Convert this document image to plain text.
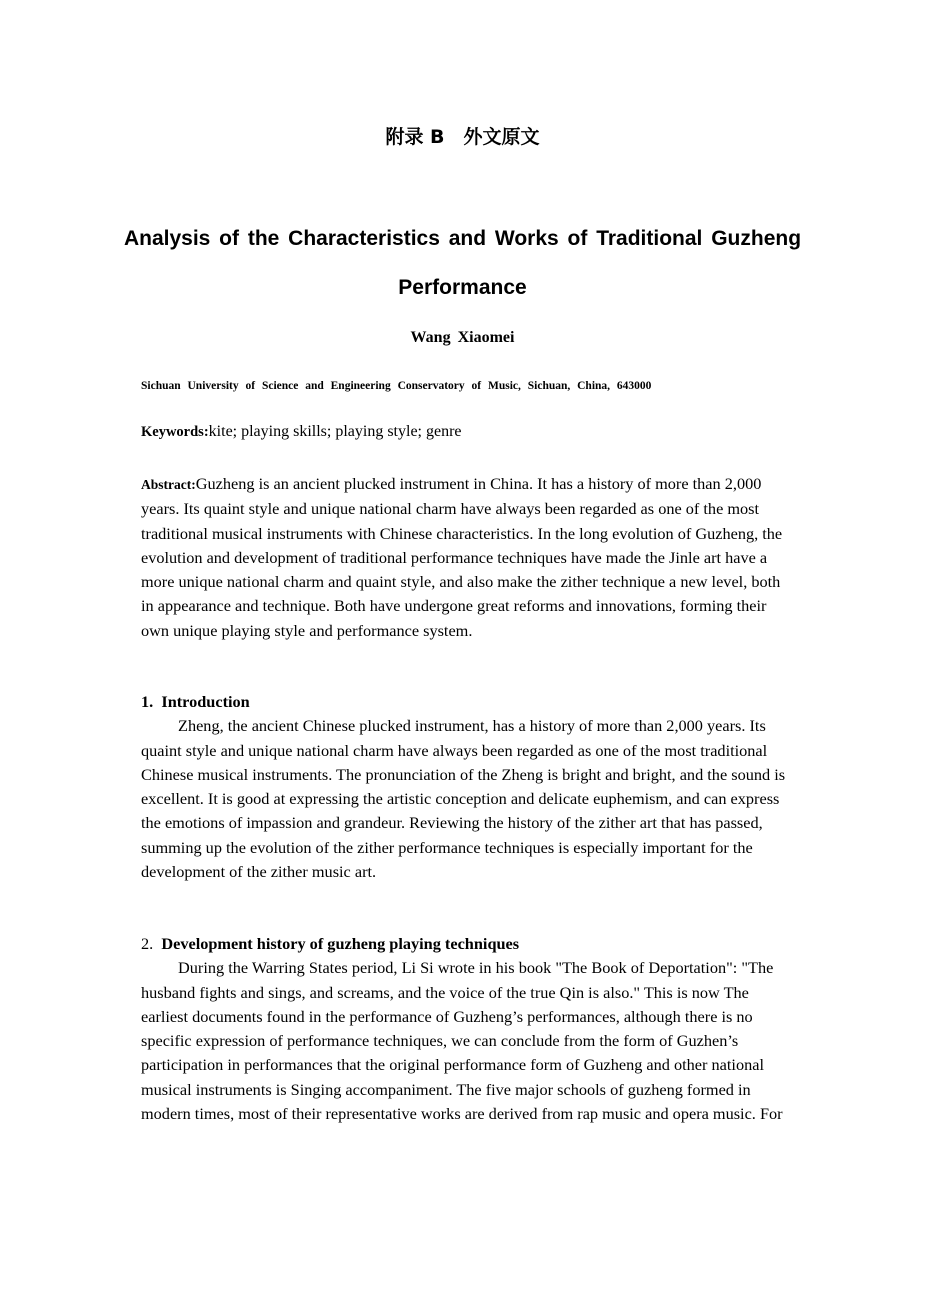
附录 B　外文原文
Analysis of the Characteristics and Works of Traditional Guzheng Performance
Wang Xiaomei
Sichuan University of Science and Engineering Conservatory of Music, Sichuan, China, 643000
Keywords:kite; playing skills; playing style; genre

Abstract:Guzheng is an ancient plucked instrument in China. It has a history of more than 2,000 years. Its quaint style and unique national charm have always been regarded as one of the most traditional musical instruments with Chinese characteristics. In the long evolution of Guzheng, the evolution and development of traditional performance techniques have made the Jinle art have a more unique national charm and quaint style, and also make the zither technique a new level, both in appearance and technique. Both have undergone great reforms and innovations, forming their own unique playing style and performance system.

1. Introduction

Zheng, the ancient Chinese plucked instrument, has a history of more than 2,000 years. Its quaint style and unique national charm have always been regarded as one of the most traditional Chinese musical instruments. The pronunciation of the Zheng is bright and bright, and the sound is excellent. It is good at expressing the artistic conception and delicate euphemism, and can express the emotions of impassion and grandeur. Reviewing the history of the zither art that has passed, summing up the evolution of the zither performance techniques is especially important for the development of the zither music art.

2. Development history of guzheng playing techniques

During the Warring States period, Li Si wrote in his book "The Book of Deportation": "The husband fights and sings, and screams, and the voice of the true Qin is also." This is now The earliest documents found in the performance of Guzheng’s performances, although there is no specific expression of performance techniques, we can conclude from the form of Guzhen’s participation in performances that the original performance form of Guzheng and other national musical instruments is Singing accompaniment. The five major schools of guzheng formed in modern times, most of their representative works are derived from rap music and opera music. For
